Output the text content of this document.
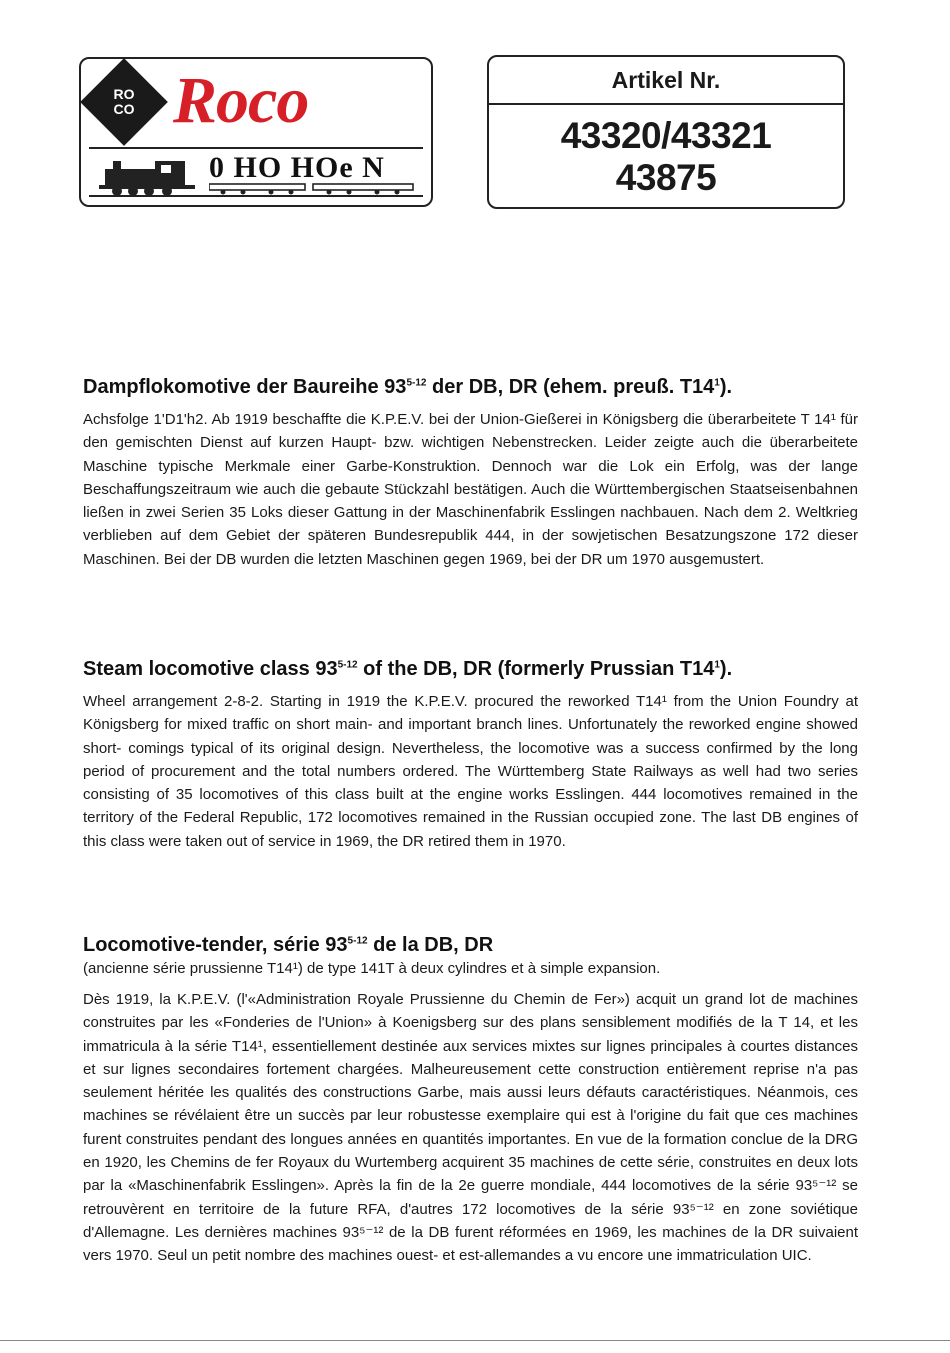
RO
CO Roco
0 HO HOe N
Artikel Nr.
43320/43321
43875
Dampflokomotive der Baureihe 93$^{5-12}$ der DB, DR (ehem. preuß. $T14^1$).

Achsfolge 1'D1'h2. Ab 1919 beschaffte die K.P.E.V. bei der Union-Gießerei in Königsberg die überarbeitete T 14¹ für den gemischten Dienst auf kurzen Haupt- bzw. wichtigen Nebenstrecken. Leider zeigte auch die überarbeitete Maschine typische Merkmale einer Garbe-Konstruktion. Dennoch war die Lok ein Erfolg, was der lange Beschaffungszeitraum wie auch die gebaute Stückzahl bestätigen. Auch die Württembergischen Staatseisenbahnen ließen in zwei Serien 35 Loks dieser Gattung in der Maschinenfabrik Esslingen nachbauen. Nach dem 2. Weltkrieg verblieben auf dem Gebiet der späteren Bundesrepublik 444, in der sowjetischen Besatzungszone 172 dieser Maschinen. Bei der DB wurden die letzten Maschinen gegen 1969, bei der DR um 1970 ausgemustert.

Steam locomotive class 93$^{5-12}$ of the DB, DR (formerly Prussian $T14^1$).

Wheel arrangement 2-8-2. Starting in 1919 the K.P.E.V. procured the reworked T14¹ from the Union Foundry at Königsberg for mixed traffic on short main- and important branch lines. Unfortunately the reworked engine showed short- comings typical of its original design. Nevertheless, the locomotive was a success confirmed by the long period of procurement and the total numbers ordered. The Württemberg State Railways as well had two series consisting of 35 locomotives of this class built at the engine works Esslingen. 444 locomotives remained in the territory of the Federal Republic, 172 locomotives remained in the Russian occupied zone. The last DB engines of this class were taken out of service in 1969, the DR retired them in 1970.

Locomotive-tender, série 93$^{5-12}$ de la DB, DR

(ancienne série prussienne T14¹) de type 141T à deux cylindres et à simple expansion.

Dès 1919, la K.P.E.V. (l'«Administration Royale Prussienne du Chemin de Fer») acquit un grand lot de machines construites par les «Fonderies de l'Union» à Koenigsberg sur des plans sensiblement modifiés de la T 14, et les immatricula à la série T14¹, essentiellement destinée aux services mixtes sur lignes principales à courtes distances et sur lignes secondaires fortement chargées. Malheureusement cette construction entièrement reprise n'a pas seulement héritée les qualités des constructions Garbe, mais aussi leurs défauts caractéristiques. Néanmois, ces machines se révélaient être un succès par leur robustesse exemplaire qui est à l'origine du fait que ces machines furent construites pendant des longues années en quantités importantes. En vue de la formation conclue de la DRG en 1920, les Chemins de fer Royaux du Wurtemberg acquirent 35 machines de cette série, construites en deux lots par la «Maschinenfabrik Esslingen». Après la fin de la 2e guerre mondiale, 444 locomotives de la série 93⁵⁻¹² se retrouvèrent en territoire de la future RFA, d'autres 172 locomotives de la série 93⁵⁻¹² en zone soviétique d'Allemagne. Les dernières machines 93⁵⁻¹² de la DB furent réformées en 1969, les machines de la DR suivaient vers 1970. Seul un petit nombre des machines ouest- et est-allemandes a vu encore une immatriculation UIC.
